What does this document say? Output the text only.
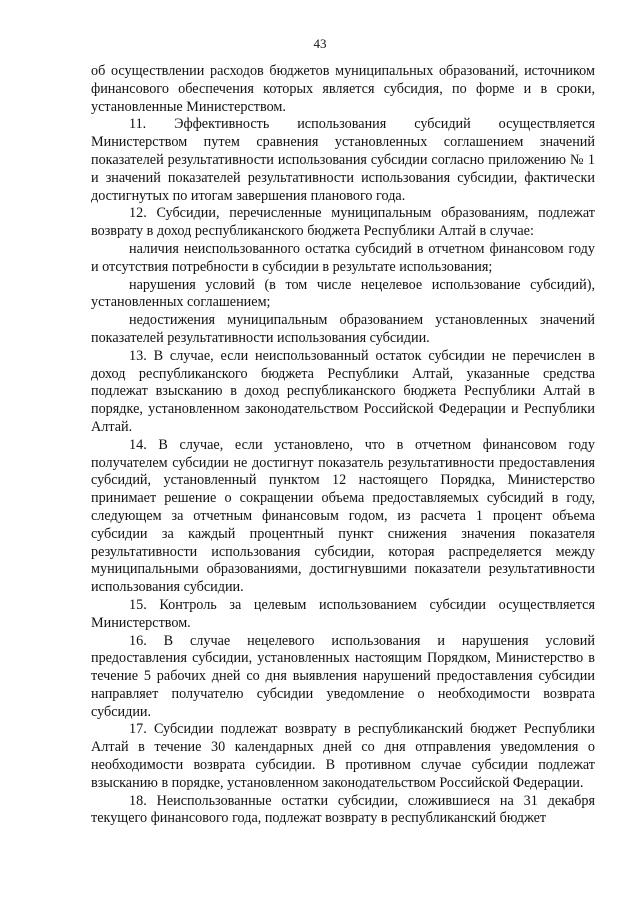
43

об осуществлении расходов бюджетов муниципальных образований, источником финансового обеспечения которых является субсидия, по форме и в сроки, установленные Министерством.

11. Эффективность использования субсидий осуществляется Министерством путем сравнения установленных соглашением значений показателей результативности использования субсидии согласно приложению № 1 и значений показателей результативности использования субсидии, фактически достигнутых по итогам завершения планового года.

12. Субсидии, перечисленные муниципальным образованиям, подлежат возврату в доход республиканского бюджета Республики Алтай в случае:

наличия неиспользованного остатка субсидий в отчетном финансовом году и отсутствия потребности в субсидии в результате использования;

нарушения условий (в том числе нецелевое использование субсидий), установленных соглашением;

недостижения муниципальным образованием установленных значений показателей результативности использования субсидии.

13. В случае, если неиспользованный остаток субсидии не перечислен в доход республиканского бюджета Республики Алтай, указанные средства подлежат взысканию в доход республиканского бюджета Республики Алтай в порядке, установленном законодательством Российской Федерации и Республики Алтай.

14. В случае, если установлено, что в отчетном финансовом году получателем субсидии не достигнут показатель результативности предоставления субсидий, установленный пунктом 12 настоящего Порядка, Министерство принимает решение о сокращении объема предоставляемых субсидий в году, следующем за отчетным финансовым годом, из расчета 1 процент объема субсидии за каждый процентный пункт снижения значения показателя результативности использования субсидии, которая распределяется между муниципальными образованиями, достигнувшими показатели результативности использования субсидии.

15. Контроль за целевым использованием субсидии осуществляется Министерством.

16. В случае нецелевого использования и нарушения условий предоставления субсидии, установленных настоящим Порядком, Министерство в течение 5 рабочих дней со дня выявления нарушений предоставления субсидии направляет получателю субсидии уведомление о необходимости возврата субсидии.

17. Субсидии подлежат возврату в республиканский бюджет Республики Алтай в течение 30 календарных дней со дня отправления уведомления о необходимости возврата субсидии. В противном случае субсидии подлежат взысканию в порядке, установленном законодательством Российской Федерации.

18. Неиспользованные остатки субсидии, сложившиеся на 31 декабря текущего финансового года, подлежат возврату в республиканский бюджет
